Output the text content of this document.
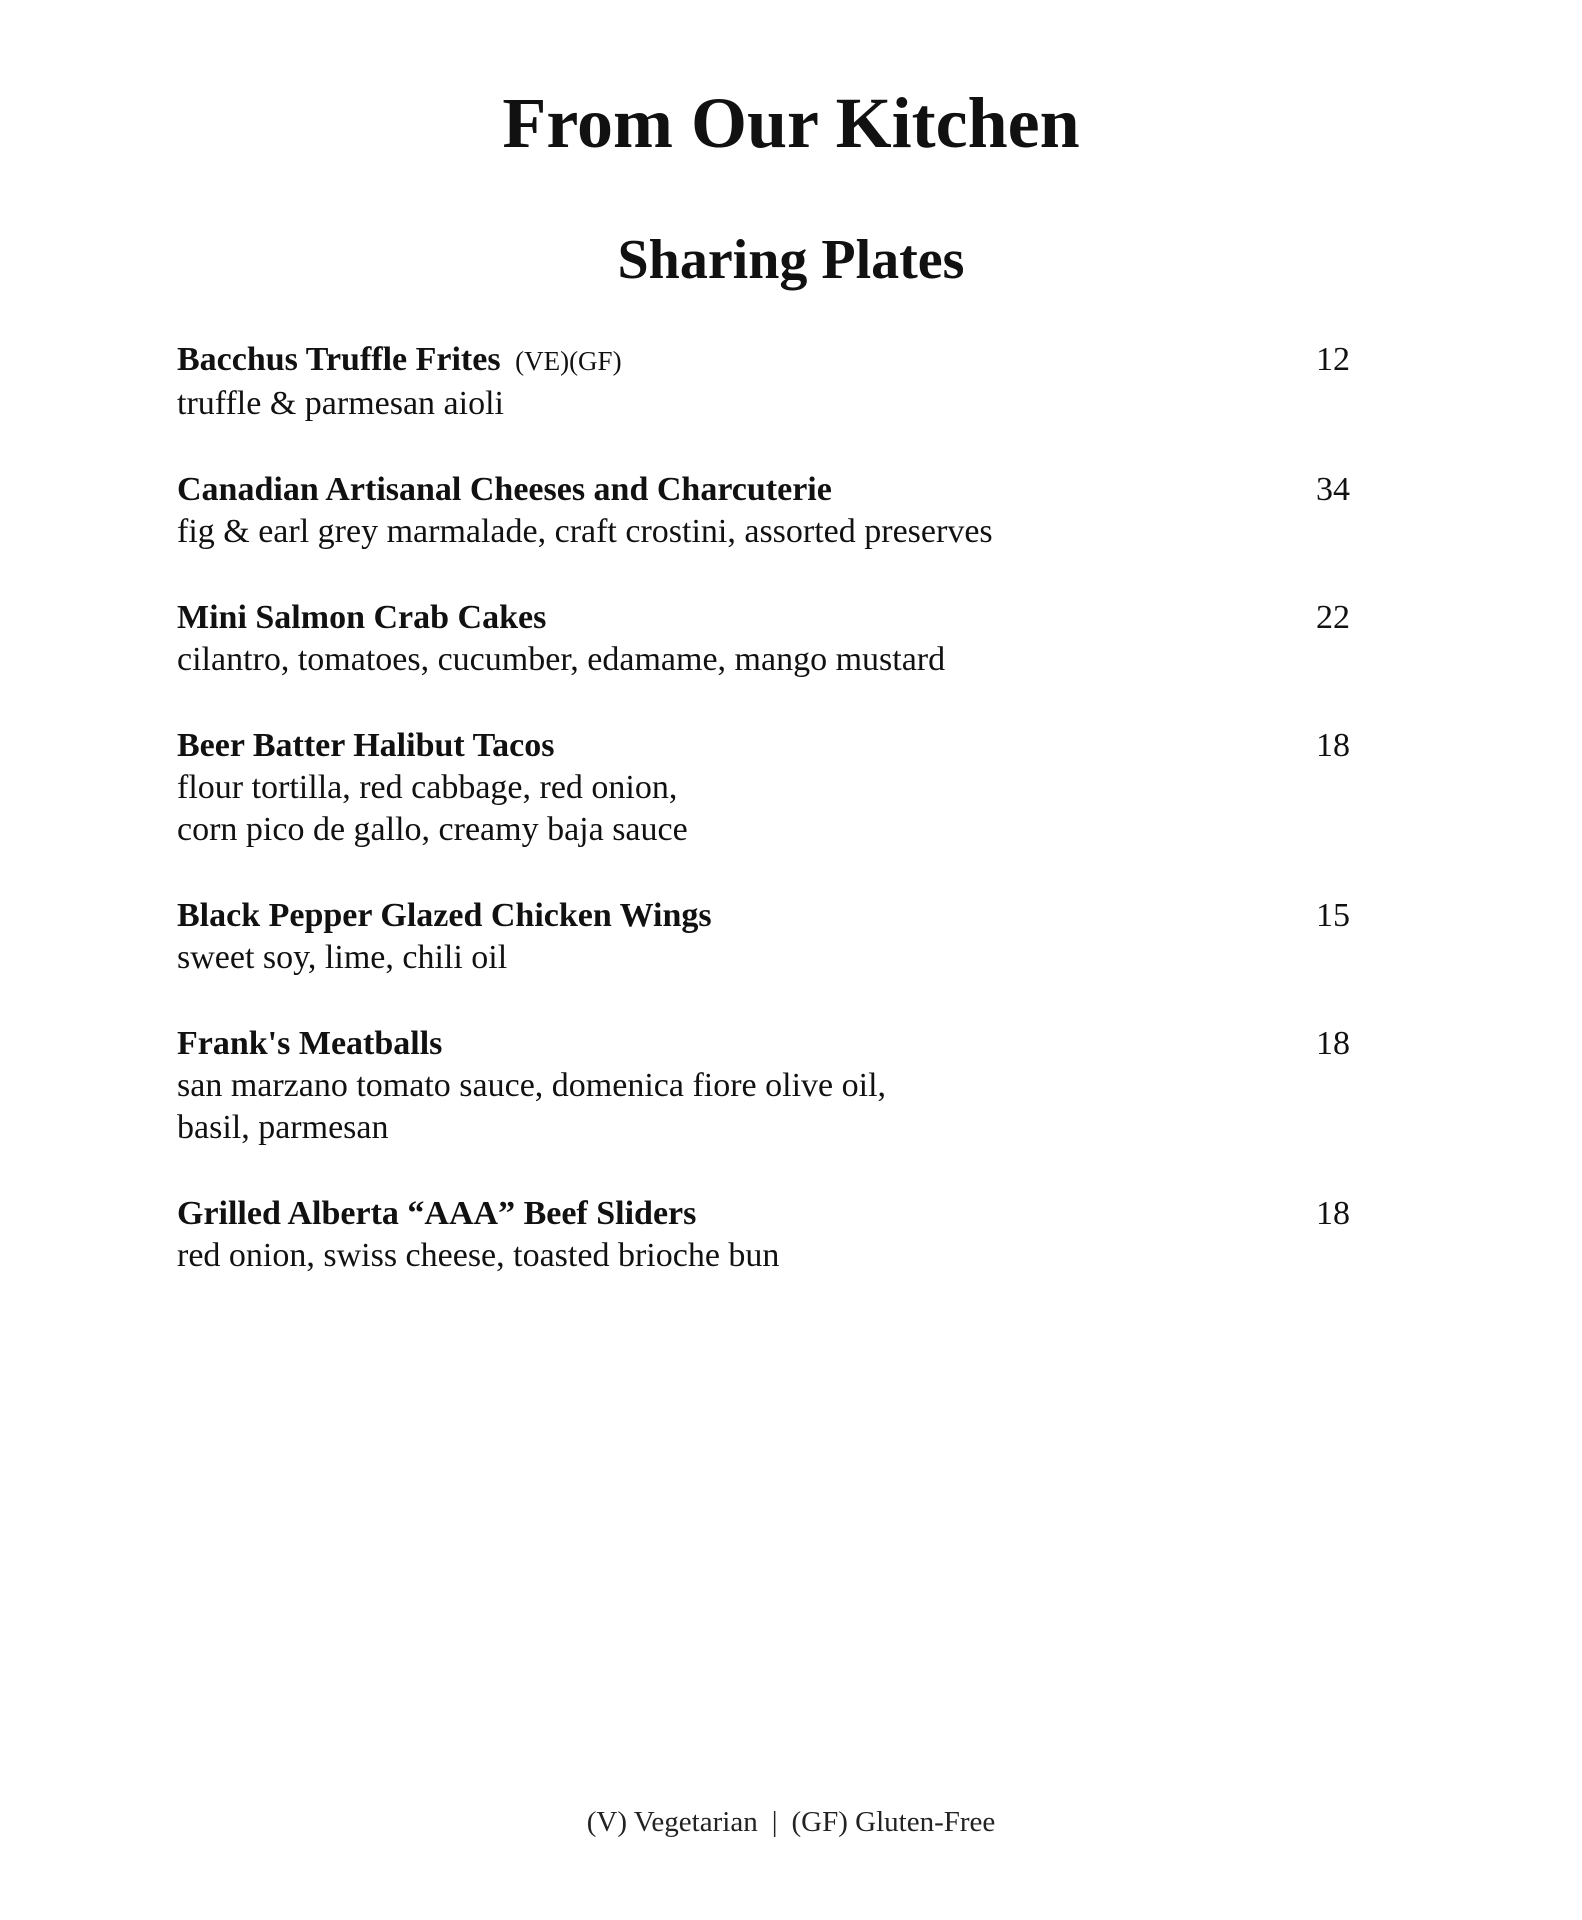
From Our Kitchen
Sharing Plates
Bacchus Truffle Frites (VE)(GF)	12
truffle & parmesan aioli
Canadian Artisanal Cheeses and Charcuterie	34
fig & earl grey marmalade, craft crostini, assorted preserves
Mini Salmon Crab Cakes	22
cilantro, tomatoes, cucumber, edamame, mango mustard
Beer Batter Halibut Tacos	18
flour tortilla, red cabbage, red onion,
corn pico de gallo, creamy baja sauce
Black Pepper Glazed Chicken Wings	15
sweet soy, lime, chili oil
Frank's Meatballs	18
san marzano tomato sauce, domenica fiore olive oil,
basil, parmesan
Grilled Alberta “AAA” Beef Sliders	18
red onion, swiss cheese, toasted brioche bun
(V) Vegetarian | (GF) Gluten-Free
